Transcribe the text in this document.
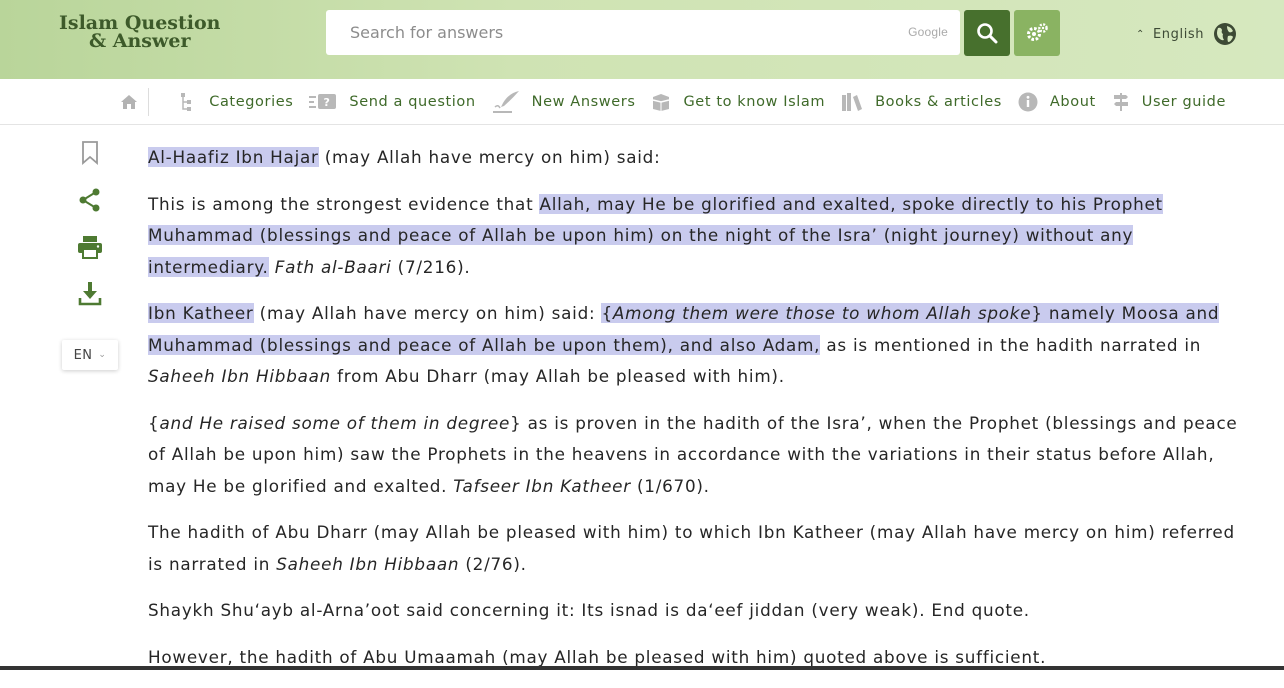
Islam Question
& Answer
Search for answers	Google	⌃ English
Categories	? Send a question	New Answers	Get to know Islam	Books & articles	About	User guide
EN ⌄

Al-Haafiz Ibn Hajar (may Allah have mercy on him) said:

This is among the strongest evidence that Allah, may He be glorified and exalted, spoke directly to his Prophet Muhammad (blessings and peace of Allah be upon him) on the night of the Isra’ (night journey) without any intermediary. Fath al-Baari (7/216).

Ibn Katheer (may Allah have mercy on him) said: {Among them were those to whom Allah spoke} namely Moosa and Muhammad (blessings and peace of Allah be upon them), and also Adam, as is mentioned in the hadith narrated in Saheeh Ibn Hibbaan from Abu Dharr (may Allah be pleased with him).

{and He raised some of them in degree} as is proven in the hadith of the Isra’, when the Prophet (blessings and peace of Allah be upon him) saw the Prophets in the heavens in accordance with the variations in their status before Allah, may He be glorified and exalted. Tafseer Ibn Katheer (1/670).

The hadith of Abu Dharr (may Allah be pleased with him) to which Ibn Katheer (may Allah have mercy on him) referred is narrated in Saheeh Ibn Hibbaan (2/76).

Shaykh Shu‘ayb al-Arna’oot said concerning it: Its isnad is da‘eef jiddan (very weak). End quote.

However, the hadith of Abu Umaamah (may Allah be pleased with him) quoted above is sufficient.
